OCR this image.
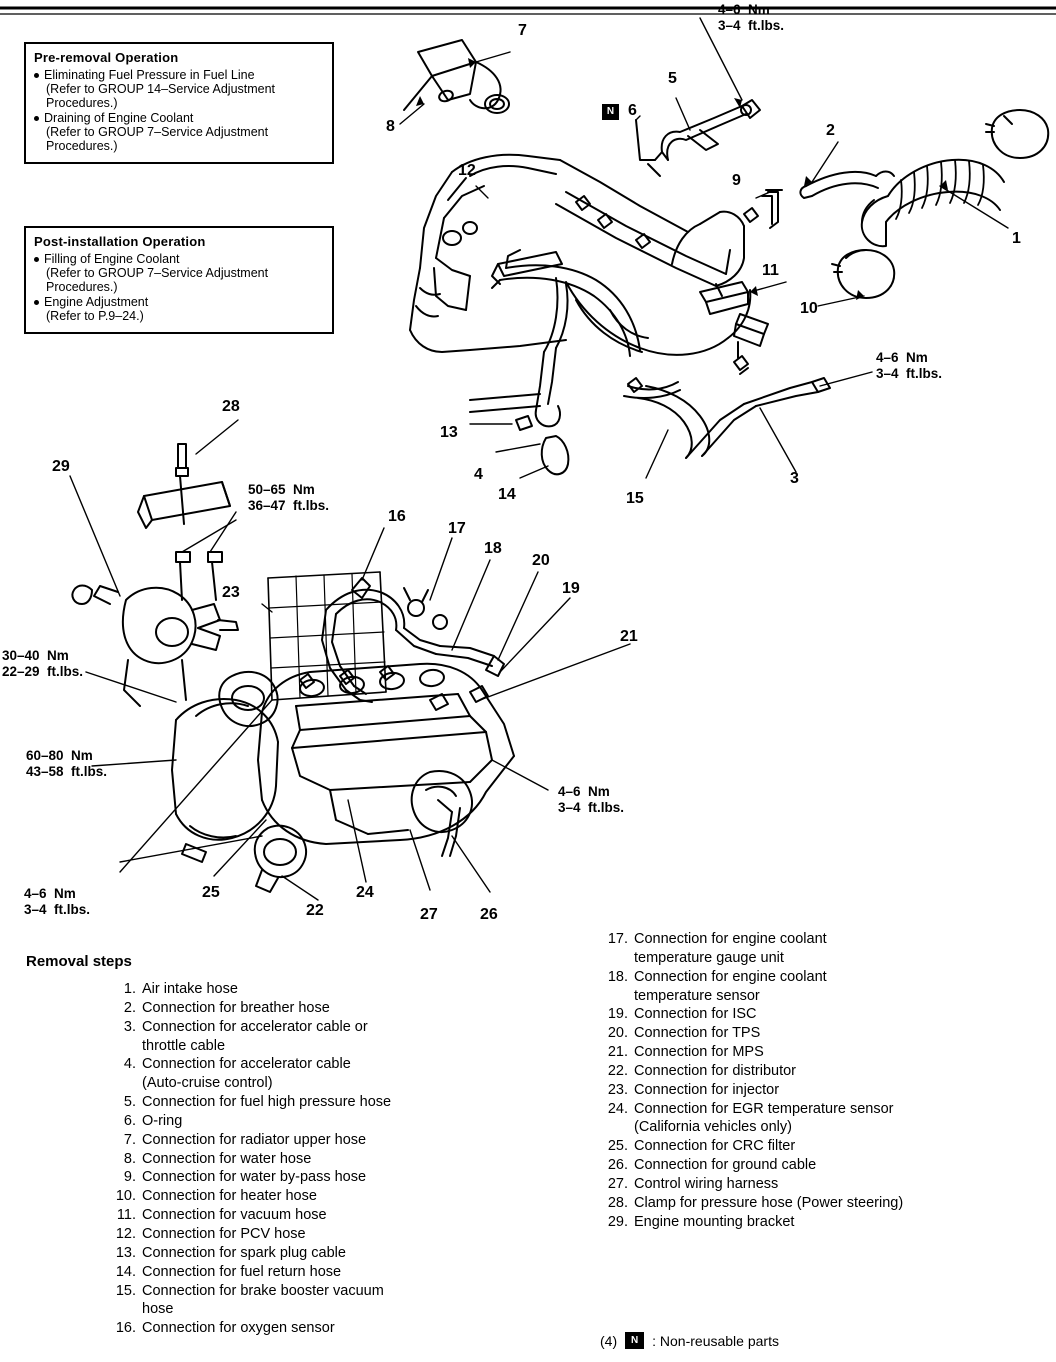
Pre-removal Operation
Eliminating Fuel Pressure in Fuel Line
(Refer to GROUP 14–Service Adjustment Procedures.)
Draining of Engine Coolant
(Refer to GROUP 7–Service Adjustment Procedures.)
Post-installation Operation
Filling of Engine Coolant
(Refer to GROUP 7–Service Adjustment Procedures.)
Engine Adjustment
(Refer to P.9–24.)
4–6  Nm
3–4  ft.lbs.
4–6  Nm
3–4  ft.lbs.
50–65  Nm
36–47  ft.lbs.
30–40  Nm
22–29  ft.lbs.
60–80  Nm
43–58  ft.lbs.
4–6  Nm
3–4  ft.lbs.
4–6  Nm
3–4  ft.lbs.
1
2
3
4
5
6
7
8
9
10
11
12
13
14	15
16
17
18
19
20
21
22
23
24
25
26
27
28
29
N
Removal steps
1. Air intake hose
2. Connection for breather hose
3. Connection for accelerator cable or
throttle cable
4. Connection for accelerator cable
(Auto-cruise control)
5. Connection for fuel high pressure hose
6. O-ring
7. Connection for radiator upper hose
8. Connection for water hose
9. Connection for water by-pass hose
10. Connection for heater hose
11. Connection for vacuum hose
12. Connection for PCV hose
13. Connection for spark plug cable
14. Connection for fuel return hose
15. Connection for brake booster vacuum
hose
16. Connection for oxygen sensor
17. Connection for engine coolant
temperature gauge unit
18. Connection for engine coolant
temperature sensor
19. Connection for ISC
20. Connection for TPS
21. Connection for MPS
22. Connection for distributor
23. Connection for injector
24. Connection for EGR temperature sensor
(California vehicles only)
25. Connection for CRC filter
26. Connection for ground cable
27. Control wiring harness
28. Clamp for pressure hose (Power steering)
29. Engine mounting bracket
(4)	N : Non-reusable parts
